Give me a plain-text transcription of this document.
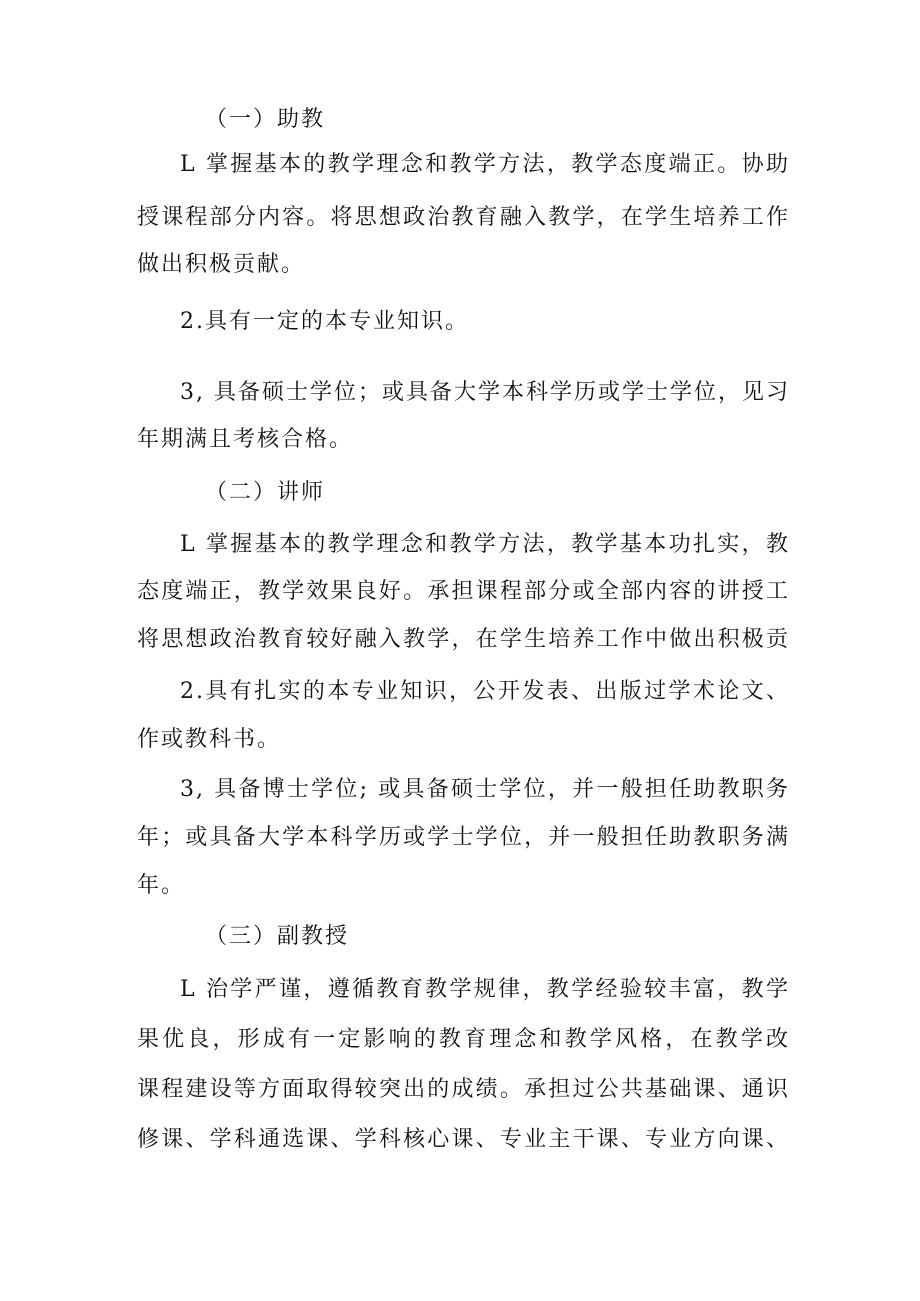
（一）助教
L 掌握基本的教学理念和教学方法，教学态度端正。协助
授课程部分内容。将思想政治教育融入教学，在学生培养工作
做出积极贡献。
2.具有一定的本专业知识。
3, 具备硕士学位；或具备大学本科学历或学士学位，见习
年期满且考核合格。
（二）讲师
L 掌握基本的教学理念和教学方法，教学基本功扎实，教
态度端正，教学效果良好。承担课程部分或全部内容的讲授工
将思想政治教育较好融入教学，在学生培养工作中做出积极贡
2.具有扎实的本专业知识，公开发表、出版过学术论文、
作或教科书。
3, 具备博士学位; 或具备硕士学位，并一般担任助教职务
年；或具备大学本科学历或学士学位，并一般担任助教职务满
年。
（三）副教授
L 治学严谨，遵循教育教学规律，教学经验较丰富，教学
果优良，形成有一定影响的教育理念和教学风格，在教学改
课程建设等方面取得较突出的成绩。承担过公共基础课、通识
修课、学科通选课、学科核心课、专业主干课、专业方向课、
